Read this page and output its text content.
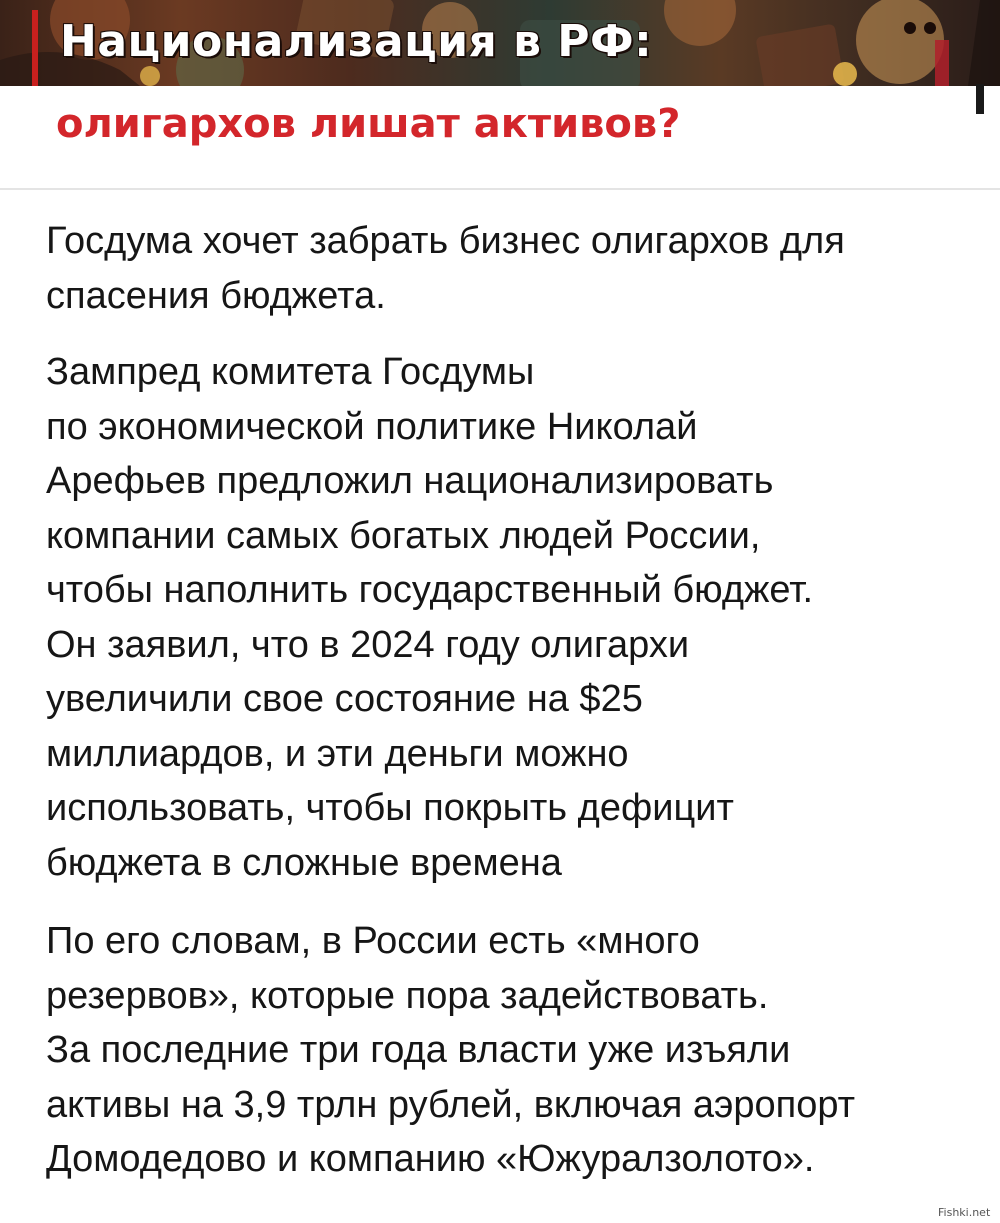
Национализация в РФ:
олигархов лишат активов?

Госдума хочет забрать бизнес олигархов для
спасения бюджета.

Зампред комитета Госдумы
по экономической политике Николай
Арефьев предложил национализировать
компании самых богатых людей России,
чтобы наполнить государственный бюджет.
Он заявил, что в 2024 году олигархи
увеличили свое состояние на $25
миллиардов, и эти деньги можно
использовать, чтобы покрыть дефицит
бюджета в сложные времена

По его словам, в России есть «много
резервов», которые пора задействовать.
За последние три года власти уже изъяли
активы на 3,9 трлн рублей, включая аэропорт
Домодедово и компанию «Южуралзолото».

Fishki.net
